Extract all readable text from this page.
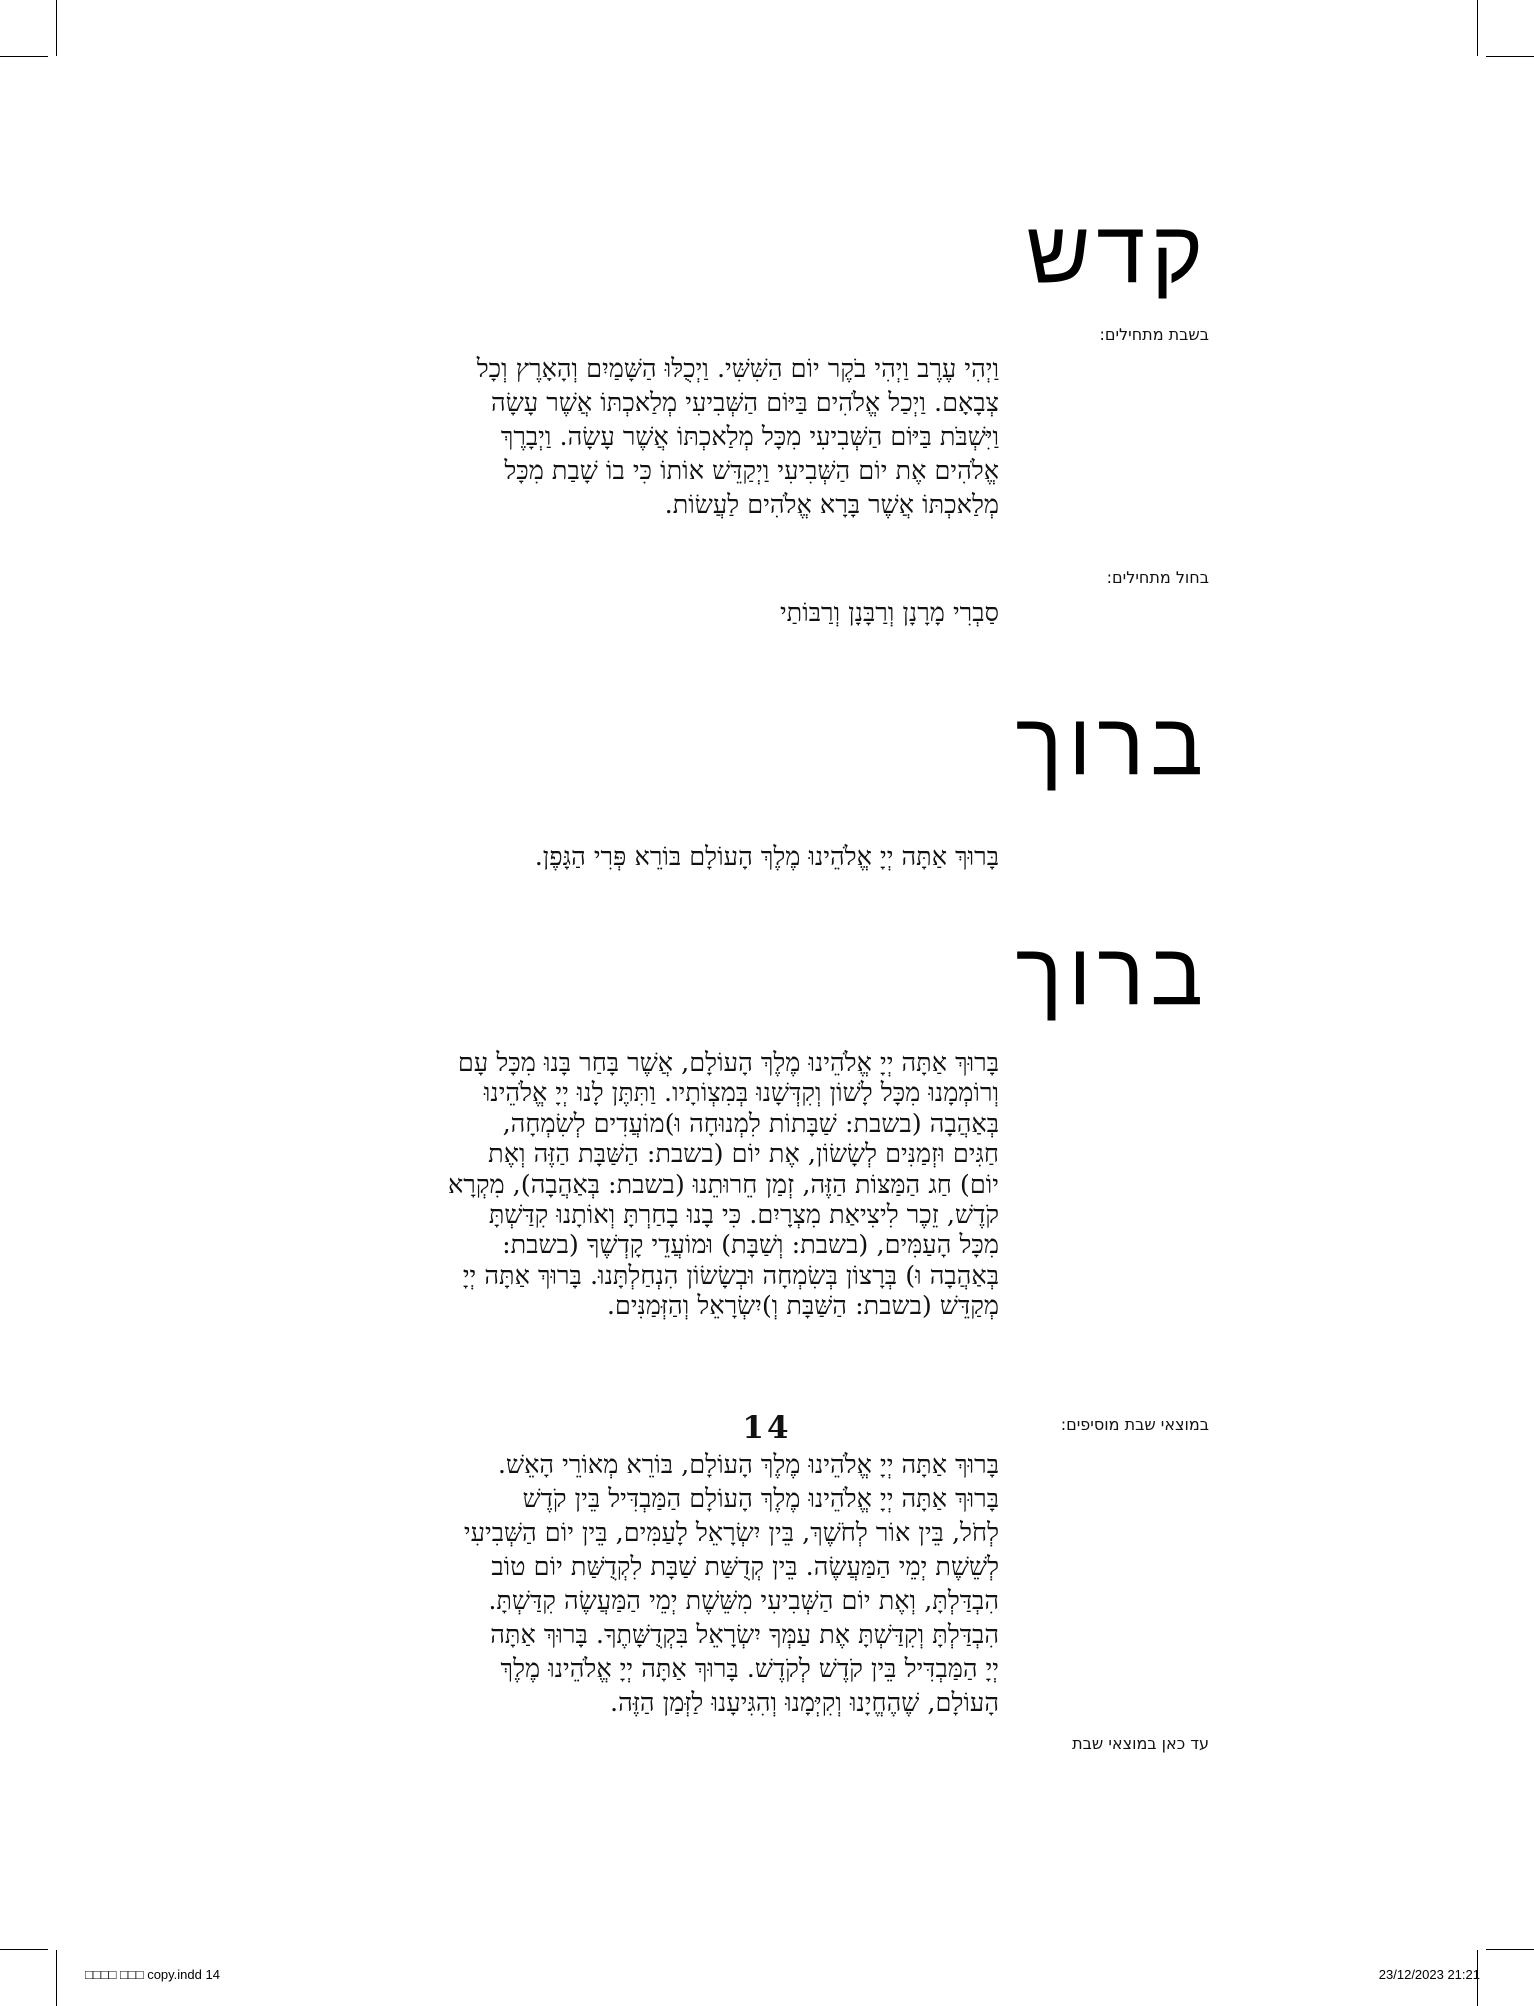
קדש
בשבת מתחילים:
וַיְהִי עֶרֶב וַיְהִי בֹקֶר יוֹם הַשִּׁשִּׁי. וַיְכֻלּוּ הַשָּׁמַיִם וְהָאָרֶץ וְכָל
צְבָאָם. וַיְכַל אֱלֹהִים בַּיּוֹם הַשְּׁבִיעִי מְלַאכְתּוֹ אֲשֶׁר עָשָׂה
וַיִּשְׁבֹּת בַּיּוֹם הַשְּׁבִיעִי מִכָּל מְלַאכְתּוֹ אֲשֶׁר עָשָׂה. וַיְבָרֶךְ
אֱלֹהִים אֶת יוֹם הַשְּׁבִיעִי וַיְקַדֵּשׁ אוֹתוֹ כִּי בוֹ שָׁבַת מִכָּל
מְלַאכְתּוֹ אֲשֶׁר בָּרָא אֱלֹהִים לַעֲשׂוֹת.
בחול מתחילים:
סַבְרִי מָרָנָן וְרַבָּנָן וְרַבּוֹתַי
ברוך
בָּרוּךְ אַתָּה יְיָ אֱלֹהֵינוּ מֶלֶךְ הָעוֹלָם בּוֹרֵא פְּרִי הַגָּפֶן.
ברוך
בָּרוּךְ אַתָּה יְיָ אֱלֹהֵינוּ מֶלֶךְ הָעוֹלָם, אֲשֶׁר בָּחַר בָּנוּ מִכָּל עָם
וְרוֹמְמָנוּ מִכָּל לָשׁוֹן וְקִדְּשָׁנוּ בְּמִצְוֹתָיו. וַתִּתֶּן לָנוּ יְיָ אֱלֹהֵינוּ
בְּאַהֲבָה (בשבת: שַׁבָּתוֹת לִמְנוּחָה וּ)מוֹעֲדִים לְשִׂמְחָה,
חַגִּים וּזְמַנִּים לְשָׂשׂוֹן, אֶת יוֹם (בשבת: הַשַּׁבָּת הַזֶּה וְאֶת
יוֹם) חַג הַמַּצּוֹת הַזֶּה, זְמַן חֵרוּתֵנוּ (בשבת: בְּאַהֲבָה), מִקְרָא
קֹדֶשׁ, זֵכֶר לִיצִיאַת מִצְרָיִם. כִּי בָנוּ בָחַרְתָּ וְאוֹתָנוּ קִדַּשְׁתָּ
מִכָּל הָעַמִּים, (בשבת: וְשַׁבָּת) וּמוֹעֲדֵי קָדְשֶׁךָ (בשבת:
בְּאַהֲבָה וּ) בְּרָצוֹן בְּשִׂמְחָה וּבְשָׂשׂוֹן הִנְחַלְתָּנוּ. בָּרוּךְ אַתָּה יְיָ
מְקַדֵּשׁ (בשבת: הַשַּׁבָּת וְ)יִשְׂרָאֵל וְהַזְּמַנִּים.
במוצאי שבת מוסיפים:
בָּרוּךְ אַתָּה יְיָ אֱלֹהֵינוּ מֶלֶךְ הָעוֹלָם, בּוֹרֵא מְאוֹרֵי הָאֵשׁ.
בָּרוּךְ אַתָּה יְיָ אֱלֹהֵינוּ מֶלֶךְ הָעוֹלָם הַמַּבְדִּיל בֵּין קֹדֶשׁ
לְחֹל, בֵּין אוֹר לְחֹשֶׁךְ, בֵּין יִשְׂרָאֵל לָעַמִּים, בֵּין יוֹם הַשְּׁבִיעִי
לְשֵׁשֶׁת יְמֵי הַמַּעֲשֶׂה. בֵּין קְדֻשַּׁת שַׁבָּת לִקְדֻשַּׁת יוֹם טוֹב
הִבְדַּלְתָּ, וְאֶת יוֹם הַשְּׁבִיעִי מִשֵּׁשֶׁת יְמֵי הַמַּעֲשֶׂה קִדַּשְׁתָּ.
הִבְדַּלְתָּ וְקִדַּשְׁתָּ אֶת עַמְּךָ יִשְׂרָאֵל בִּקְדֻשָּׁתֶךָ. בָּרוּךְ אַתָּה
יְיָ הַמַּבְדִּיל בֵּין קֹדֶשׁ לְקֹדֶשׁ. בָּרוּךְ אַתָּה יְיָ אֱלֹהֵינוּ מֶלֶךְ
הָעוֹלָם, שֶׁהֶחֱיָנוּ וְקִיְּמָנוּ וְהִגִּיעָנוּ לַזְּמַן הַזֶּה.
עד כאן במוצאי שבת
14
□□□□ □□□ copy.indd 14	23/12/2023 21:21
